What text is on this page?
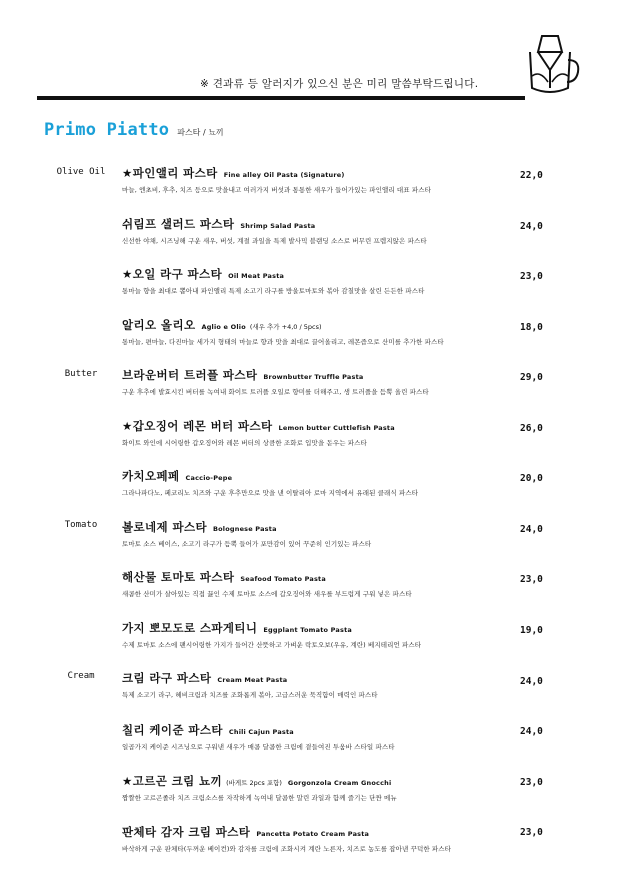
※ 견과류 등 알러지가 있으신 분은 미리 말씀부탁드립니다.
Primo Piatto 파스타 / 뇨끼
Olive Oil
Butter
Tomato
Cream
★파인앨리 파스타 Fine alley Oil Pasta (Signature)
마늘, 엔초비, 후추, 치즈 등으로 맛을내고 여러가지 버섯과 통통한 새우가 들어가있는 파인앨리 대표 파스타
22,0
쉬림프 샐러드 파스타 Shrimp Salad Pasta
신선한 야채, 시즈닝해 구운 새우, 버섯, 계절 과일을 특제 발사믹 블랜딩 소스로 버무린 프렙지않은 파스타
24,0
★오일 라구 파스타 Oil Meat Pasta
통마늘 향을 최대로 뽑아내 파인앨리 특제 소고기 라구를 방울토마토와 볶아 감칠맛을 살린 든든한 파스타
23,0
알리오 올리오 Aglio e Olio (새우 추가 +4,0 / 5pcs)
통마늘, 편마늘, 다진마늘 세가지 형태의 마늘로 향과 맛을 최대로 끌어올리고, 레몬즙으로 산미를 추가한 파스타
18,0
브라운버터 트러플 파스타 Brownbutter Truffle Pasta
구운 후추에 발효시킨 버터를 녹여내 화이트 트러플 오일로 향미를 더해주고, 생 트러플을 듬뿍 올린 파스타
29,0
★갑오징어 레몬 버터 파스타 Lemon butter Cuttlefish Pasta
화이트 와인에 시어링한 갑오징어와 레몬 버터의 상큼한 조화로 입맛을 돋우는 파스타
26,0
카치오페페 Caccio-Pepe
그라나파다노, 페코리노 치즈와 구운 후추만으로 맛을 낸 이탈리아 로마 지역에서 유래된 클래식 파스타
20,0
볼로네제 파스타 Bolognese Pasta
토마토 소스 베이스, 소고기 라구가 듬뿍 들어가 포만감이 있어 꾸준히 인기있는 파스타
24,0
해산물 토마토 파스타 Seafood Tomato Pasta
새콤한 산미가 살아있는 직접 끓인 수제 토마토 소스에 갑오징어와 새우를 부드럽게 구워 넣은 파스타
23,0
가지 뽀모도로 스파게티니 Eggplant Tomato Pasta
수제 토마토 소스에 팬시어링한 가지가 들어간 산뜻하고 가벼운 락토오보(우유, 계란) 베지테리언 파스타
19,0
크림 라구 파스타 Cream Meat Pasta
특제 소고기 라구, 헤비크림과 치즈를 조화롭게 볶아, 고급스러운 묵직함이 매력인 파스타
24,0
칠리 케이준 파스타 Chili Cajun Pasta
일곱가지 케이준 시즈닝으로 구워낸 새우가 매콤 달콤한 크림에 곁들여진 투움바 스타일 파스타
24,0
★고르곤 크림 뇨끼 (바게트 2pcs 포함) Gorgonzola Cream Gnocchi
짭짤한 고르곤졸라 치즈 크림소스를 자작하게 녹여내 달콤한 말린 과일과 함께 즐기는 단짠 메뉴
23,0
판체타 감자 크림 파스타 Pancetta Potato Cream Pasta
바삭하게 구운 판체타(두꺼운 베이컨)와 감자를 크림에 조화시켜 계란 노른자, 치즈로 농도를 잡아낸 꾸덕한 파스타
23,0
